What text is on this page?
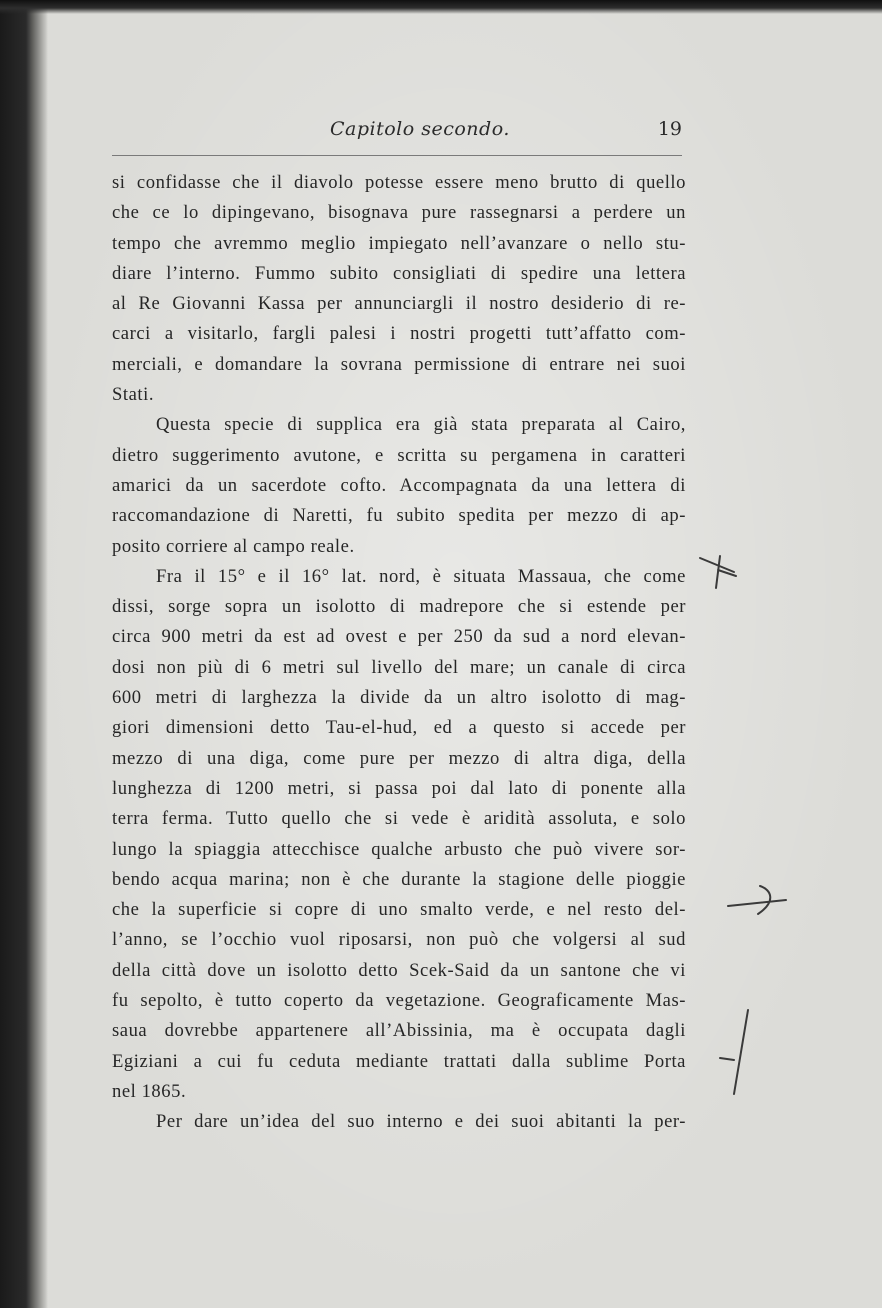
Capitolo secondo.	19
si confidasse che il diavolo potesse essere meno brutto di quello
che ce lo dipingevano, bisognava pure rassegnarsi a perdere un
tempo che avremmo meglio impiegato nell’avanzare o nello stu-
diare l’interno. Fummo subito consigliati di spedire una lettera
al Re Giovanni Kassa per annunciargli il nostro desiderio di re-
carci a visitarlo, fargli palesi i nostri progetti tutt’affatto com-
merciali, e domandare la sovrana permissione di entrare nei suoi
Stati.
Questa specie di supplica era già stata preparata al Cairo,
dietro suggerimento avutone, e scritta su pergamena in caratteri
amarici da un sacerdote cofto. Accompagnata da una lettera di
raccomandazione di Naretti, fu subito spedita per mezzo di ap-
posito corriere al campo reale.
Fra il 15° e il 16° lat. nord, è situata Massaua, che come
dissi, sorge sopra un isolotto di madrepore che si estende per
circa 900 metri da est ad ovest e per 250 da sud a nord elevan-
dosi non più di 6 metri sul livello del mare; un canale di circa
600 metri di larghezza la divide da un altro isolotto di mag-
giori dimensioni detto Tau-el-hud, ed a questo si accede per
mezzo di una diga, come pure per mezzo di altra diga, della
lunghezza di 1200 metri, si passa poi dal lato di ponente alla
terra ferma. Tutto quello che si vede è aridità assoluta, e solo
lungo la spiaggia attecchisce qualche arbusto che può vivere sor-
bendo acqua marina; non è che durante la stagione delle pioggie
che la superficie si copre di uno smalto verde, e nel resto del-
l’anno, se l’occhio vuol riposarsi, non può che volgersi al sud
della città dove un isolotto detto Scek-Said da un santone che vi
fu sepolto, è tutto coperto da vegetazione. Geograficamente Mas-
saua dovrebbe appartenere all’Abissinia, ma è occupata dagli
Egiziani a cui fu ceduta mediante trattati dalla sublime Porta
nel 1865.
Per dare un’idea del suo interno e dei suoi abitanti la per-
